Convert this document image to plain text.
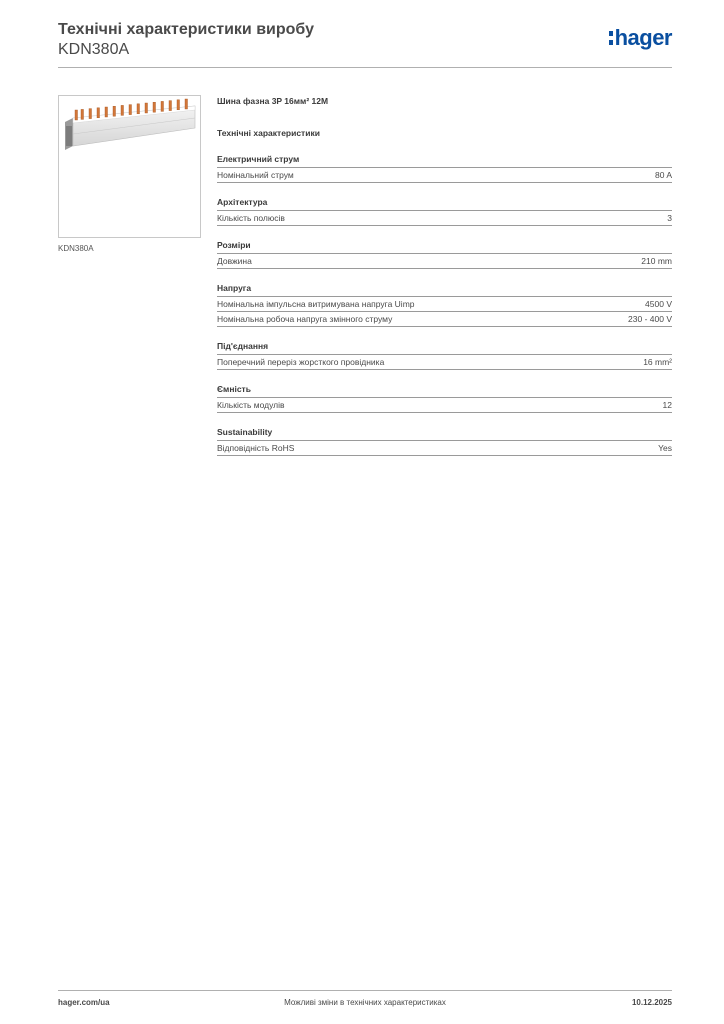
Технічні характеристики виробу
KDN380A	hager
KDN380A
Шина фазна 3P 16мм² 12M
Технічні характеристики
Електричний струм
Номінальний струм	80 A
Архітектура
Кількість полюсів	3
Розміри
Довжина	210 mm
Напруга
Номінальна імпульсна витримувана напруга Uimp	4500 V
Номінальна робоча напруга змінного струму	230 - 400 V
Під'єднання
Поперечний переріз жорсткого провідника	16 mm²
Ємність
Кількість модулів	12
Sustainability
Відповідність RoHS	Yes
hager.com/ua	Можливі зміни в технічних характеристиках	10.12.2025
